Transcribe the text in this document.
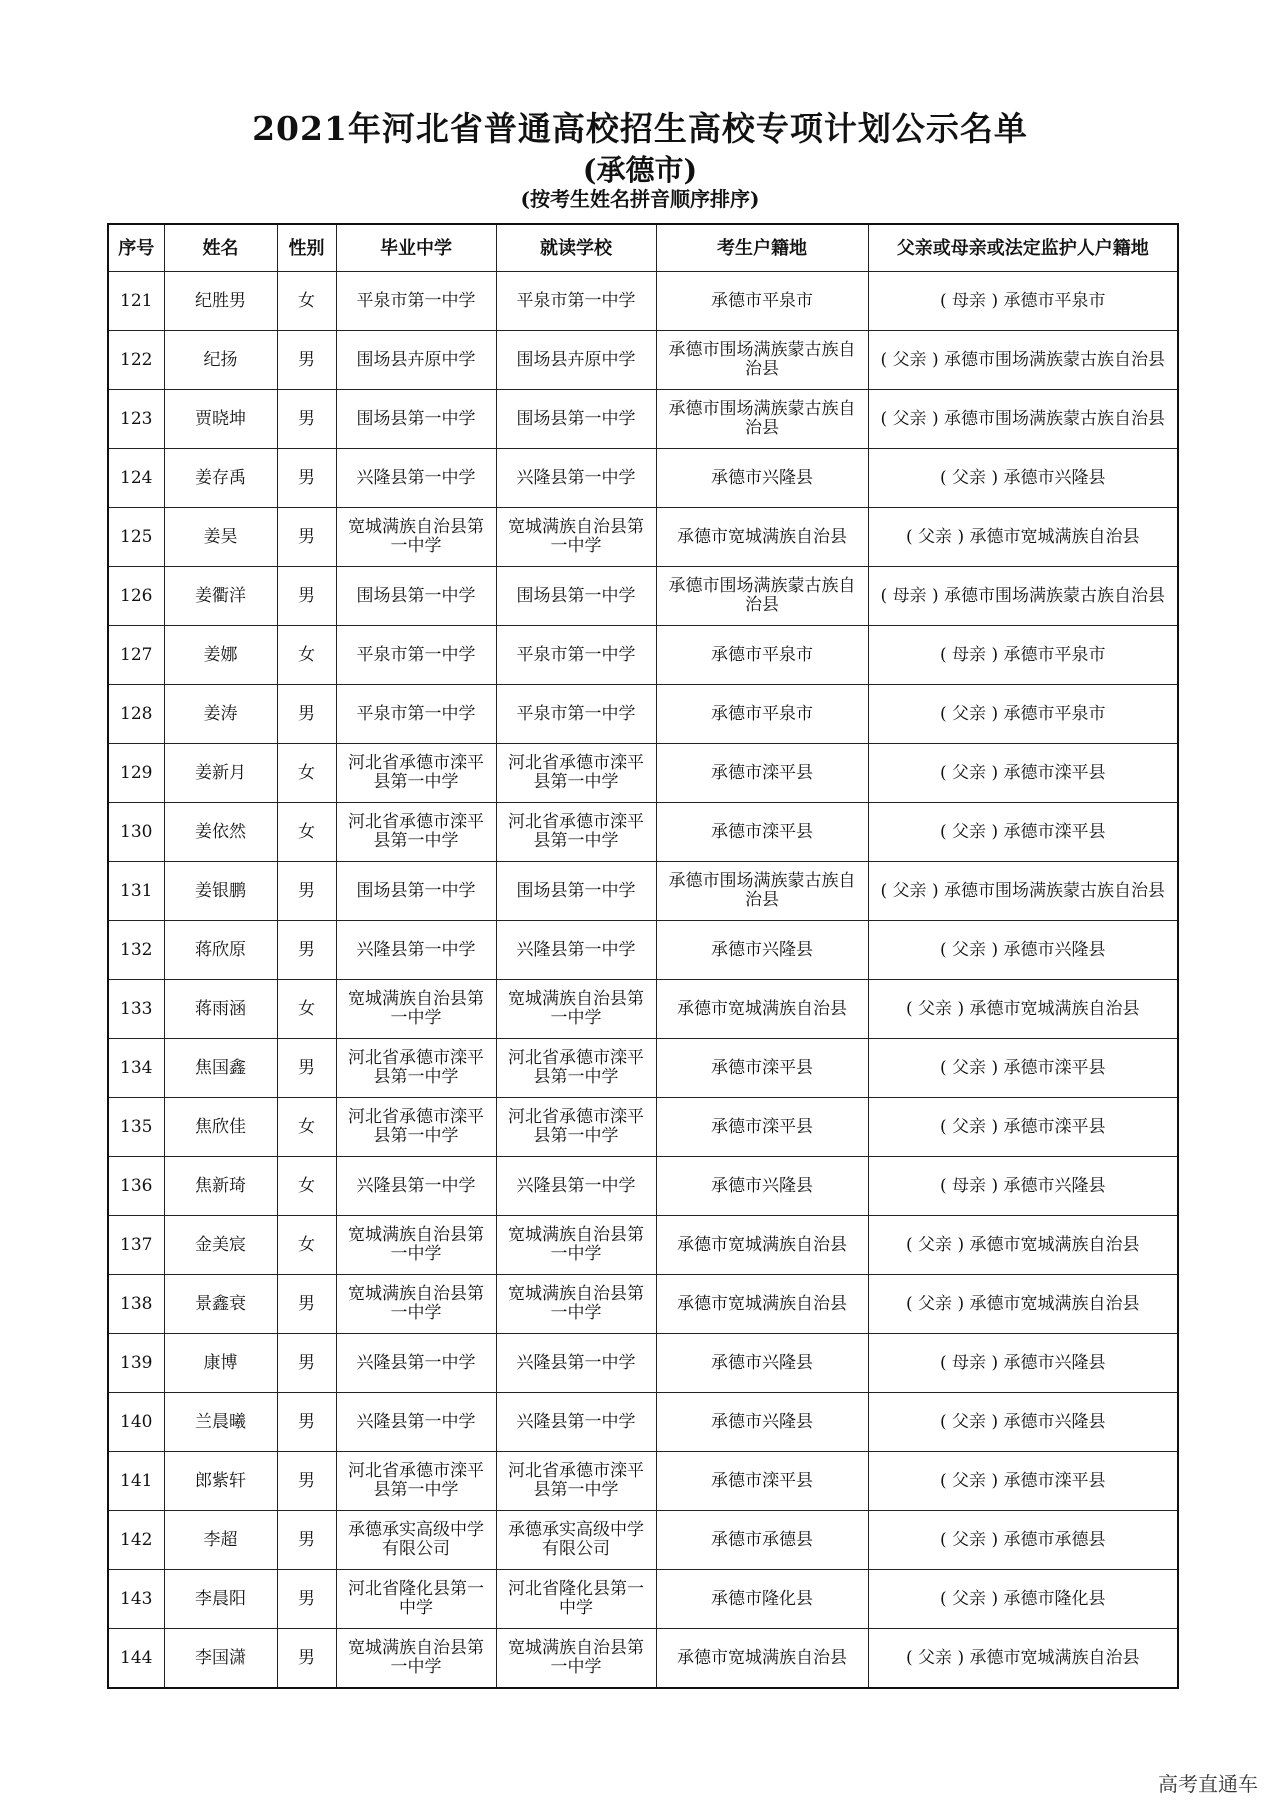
2021年河北省普通高校招生高校专项计划公示名单
(承德市)
(按考生姓名拼音顺序排序)
序号	姓名	性别	毕业中学	就读学校	考生户籍地	父亲或母亲或法定监护人户籍地
121	纪胜男	女	平泉市第一中学	平泉市第一中学	承德市平泉市	( 母亲 ) 承德市平泉市
122	纪扬	男	围场县卉原中学	围场县卉原中学	承德市围场满族蒙古族自治县	( 父亲 ) 承德市围场满族蒙古族自治县
123	贾晓坤	男	围场县第一中学	围场县第一中学	承德市围场满族蒙古族自治县	( 父亲 ) 承德市围场满族蒙古族自治县
124	姜存禹	男	兴隆县第一中学	兴隆县第一中学	承德市兴隆县	( 父亲 ) 承德市兴隆县
125	姜昊	男	宽城满族自治县第一中学	宽城满族自治县第一中学	承德市宽城满族自治县	( 父亲 ) 承德市宽城满族自治县
126	姜衢洋	男	围场县第一中学	围场县第一中学	承德市围场满族蒙古族自治县	( 母亲 ) 承德市围场满族蒙古族自治县
127	姜娜	女	平泉市第一中学	平泉市第一中学	承德市平泉市	( 母亲 ) 承德市平泉市
128	姜涛	男	平泉市第一中学	平泉市第一中学	承德市平泉市	( 父亲 ) 承德市平泉市
129	姜新月	女	河北省承德市滦平县第一中学	河北省承德市滦平县第一中学	承德市滦平县	( 父亲 ) 承德市滦平县
130	姜依然	女	河北省承德市滦平县第一中学	河北省承德市滦平县第一中学	承德市滦平县	( 父亲 ) 承德市滦平县
131	姜银鹏	男	围场县第一中学	围场县第一中学	承德市围场满族蒙古族自治县	( 父亲 ) 承德市围场满族蒙古族自治县
132	蒋欣原	男	兴隆县第一中学	兴隆县第一中学	承德市兴隆县	( 父亲 ) 承德市兴隆县
133	蒋雨涵	女	宽城满族自治县第一中学	宽城满族自治县第一中学	承德市宽城满族自治县	( 父亲 ) 承德市宽城满族自治县
134	焦国鑫	男	河北省承德市滦平县第一中学	河北省承德市滦平县第一中学	承德市滦平县	( 父亲 ) 承德市滦平县
135	焦欣佳	女	河北省承德市滦平县第一中学	河北省承德市滦平县第一中学	承德市滦平县	( 父亲 ) 承德市滦平县
136	焦新琦	女	兴隆县第一中学	兴隆县第一中学	承德市兴隆县	( 母亲 ) 承德市兴隆县
137	金美宸	女	宽城满族自治县第一中学	宽城满族自治县第一中学	承德市宽城满族自治县	( 父亲 ) 承德市宽城满族自治县
138	景鑫衰	男	宽城满族自治县第一中学	宽城满族自治县第一中学	承德市宽城满族自治县	( 父亲 ) 承德市宽城满族自治县
139	康博	男	兴隆县第一中学	兴隆县第一中学	承德市兴隆县	( 母亲 ) 承德市兴隆县
140	兰晨曦	男	兴隆县第一中学	兴隆县第一中学	承德市兴隆县	( 父亲 ) 承德市兴隆县
141	郎紫轩	男	河北省承德市滦平县第一中学	河北省承德市滦平县第一中学	承德市滦平县	( 父亲 ) 承德市滦平县
142	李超	男	承德承实高级中学有限公司	承德承实高级中学有限公司	承德市承德县	( 父亲 ) 承德市承德县
143	李晨阳	男	河北省隆化县第一中学	河北省隆化县第一中学	承德市隆化县	( 父亲 ) 承德市隆化县
144	李国潇	男	宽城满族自治县第一中学	宽城满族自治县第一中学	承德市宽城满族自治县	( 父亲 ) 承德市宽城满族自治县
高考直通车
